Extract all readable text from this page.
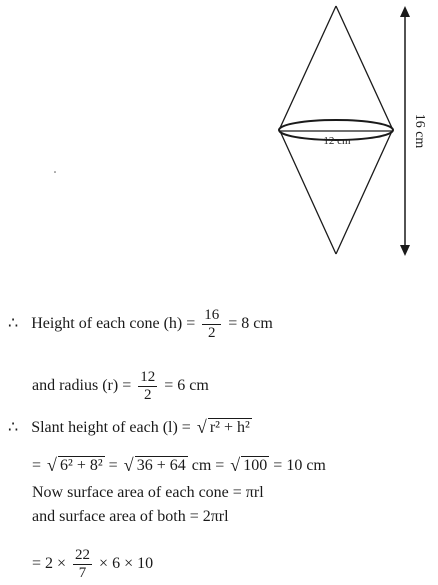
12 cm	16 cm
∴ Height of each cone $(h) = \frac{16}{2} = 8$ cm
and radius $(r) = \frac{12}{2} = 6$ cm
∴ Slant height of each (l) = √ r² + h²
= √ 6² + 8² = √ 36 + 64 cm = √ 100 = 10 cm
Now surface area of each cone = πrl
and surface area of both = 2πrl
= $2 \times \frac{22}{7} \times 6 \times 10$
